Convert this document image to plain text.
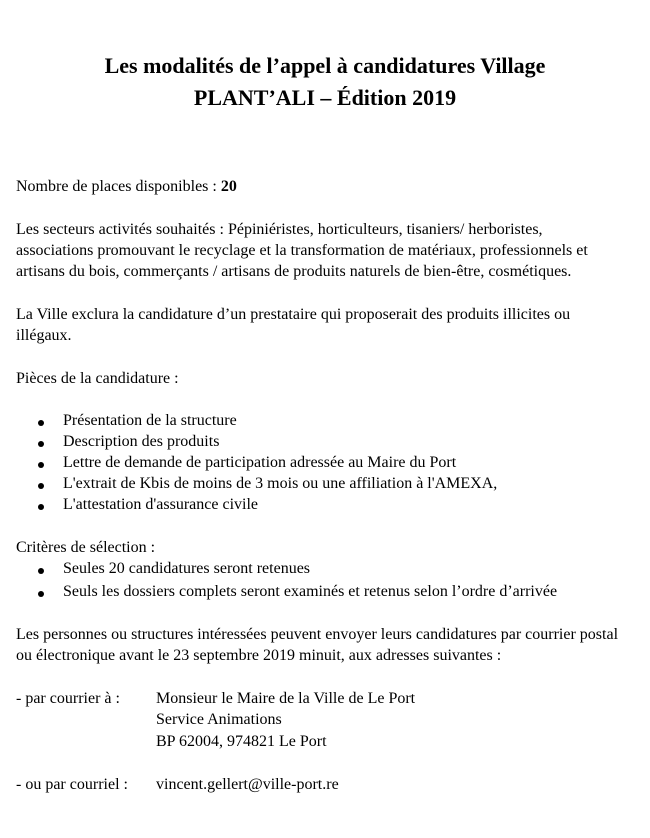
Les modalités de l’appel à candidatures Village
PLANT’ALI – Édition 2019
Nombre de places disponibles : 20
Les secteurs activités souhaités : Pépiniéristes, horticulteurs, tisaniers/ herboristes,
associations promouvant le recyclage et la transformation de matériaux, professionnels et
artisans du bois, commerçants / artisans de produits naturels de bien-être, cosmétiques.
La Ville exclura la candidature d’un prestataire qui proposerait des produits illicites ou
illégaux.
Pièces de la candidature :
Présentation de la structure
Description des produits
Lettre de demande de participation adressée au Maire du Port
L'extrait de Kbis de moins de 3 mois ou une affiliation à l'AMEXA,
L'attestation d'assurance civile
Critères de sélection :
Seules 20 candidatures seront retenues
Seuls les dossiers complets seront examinés et retenus selon l’ordre d’arrivée
Les personnes ou structures intéressées peuvent envoyer leurs candidatures par courrier postal
ou électronique avant le 23 septembre 2019 minuit, aux adresses suivantes :
- par courrier à : Monsieur le Maire de la Ville de Le Port
Service Animations
BP 62004, 974821 Le Port
- ou par courriel : vincent.gellert@ville-port.re
